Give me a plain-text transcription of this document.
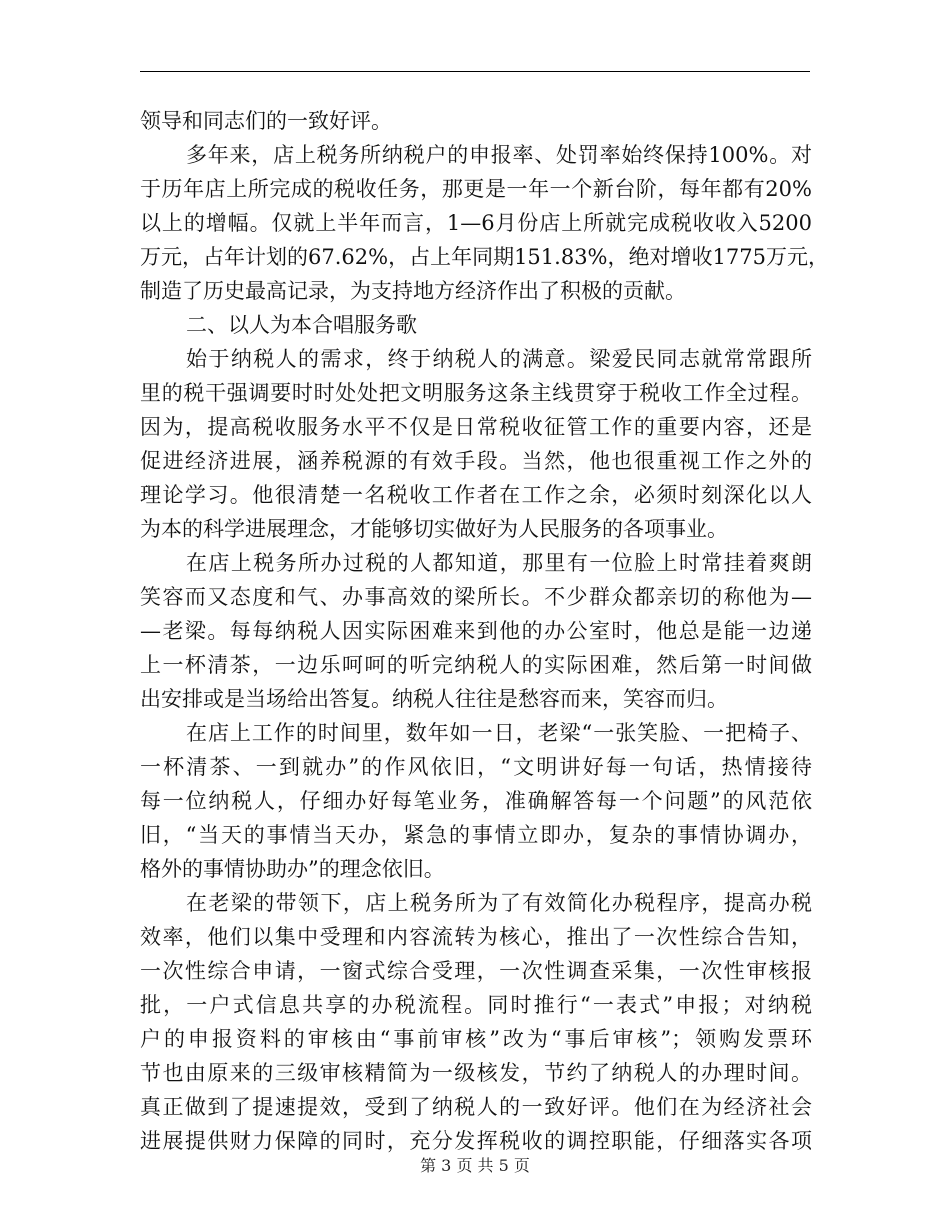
领导和同志们的一致好评。
多年来，店上税务所纳税户的申报率、处罚率始终保持100%。对
于历年店上所完成的税收任务，那更是一年一个新台阶，每年都有20%
以上的增幅。仅就上半年而言，1—6月份店上所就完成税收收入5200
万元，占年计划的67.62%，占上年同期151.83%，绝对增收1775万元，
制造了历史最高记录，为支持地方经济作出了积极的贡献。
二、以人为本合唱服务歌
始于纳税人的需求，终于纳税人的满意。梁爱民同志就常常跟所
里的税干强调要时时处处把文明服务这条主线贯穿于税收工作全过程。
因为，提高税收服务水平不仅是日常税收征管工作的重要内容，还是
促进经济进展，涵养税源的有效手段。当然，他也很重视工作之外的
理论学习。他很清楚一名税收工作者在工作之余，必须时刻深化以人
为本的科学进展理念，才能够切实做好为人民服务的各项事业。
在店上税务所办过税的人都知道，那里有一位脸上时常挂着爽朗
笑容而又态度和气、办事高效的梁所长。不少群众都亲切的称他为—
—老梁。每每纳税人因实际困难来到他的办公室时，他总是能一边递
上一杯清茶，一边乐呵呵的听完纳税人的实际困难，然后第一时间做
出安排或是当场给出答复。纳税人往往是愁容而来，笑容而归。
在店上工作的时间里，数年如一日，老梁“一张笑脸、一把椅子、
一杯清茶、一到就办”的作风依旧，“文明讲好每一句话，热情接待
每一位纳税人，仔细办好每笔业务，准确解答每一个问题”的风范依
旧，“当天的事情当天办，紧急的事情立即办，复杂的事情协调办，
格外的事情协助办”的理念依旧。
在老梁的带领下，店上税务所为了有效简化办税程序，提高办税
效率，他们以集中受理和内容流转为核心，推出了一次性综合告知，
一次性综合申请，一窗式综合受理，一次性调查采集，一次性审核报
批，一户式信息共享的办税流程。同时推行“一表式”申报；对纳税
户的申报资料的审核由“事前审核”改为“事后审核”；领购发票环
节也由原来的三级审核精简为一级核发，节约了纳税人的办理时间。
真正做到了提速提效，受到了纳税人的一致好评。他们在为经济社会
进展提供财力保障的同时，充分发挥税收的调控职能，仔细落实各项
第 3 页 共 5 页
